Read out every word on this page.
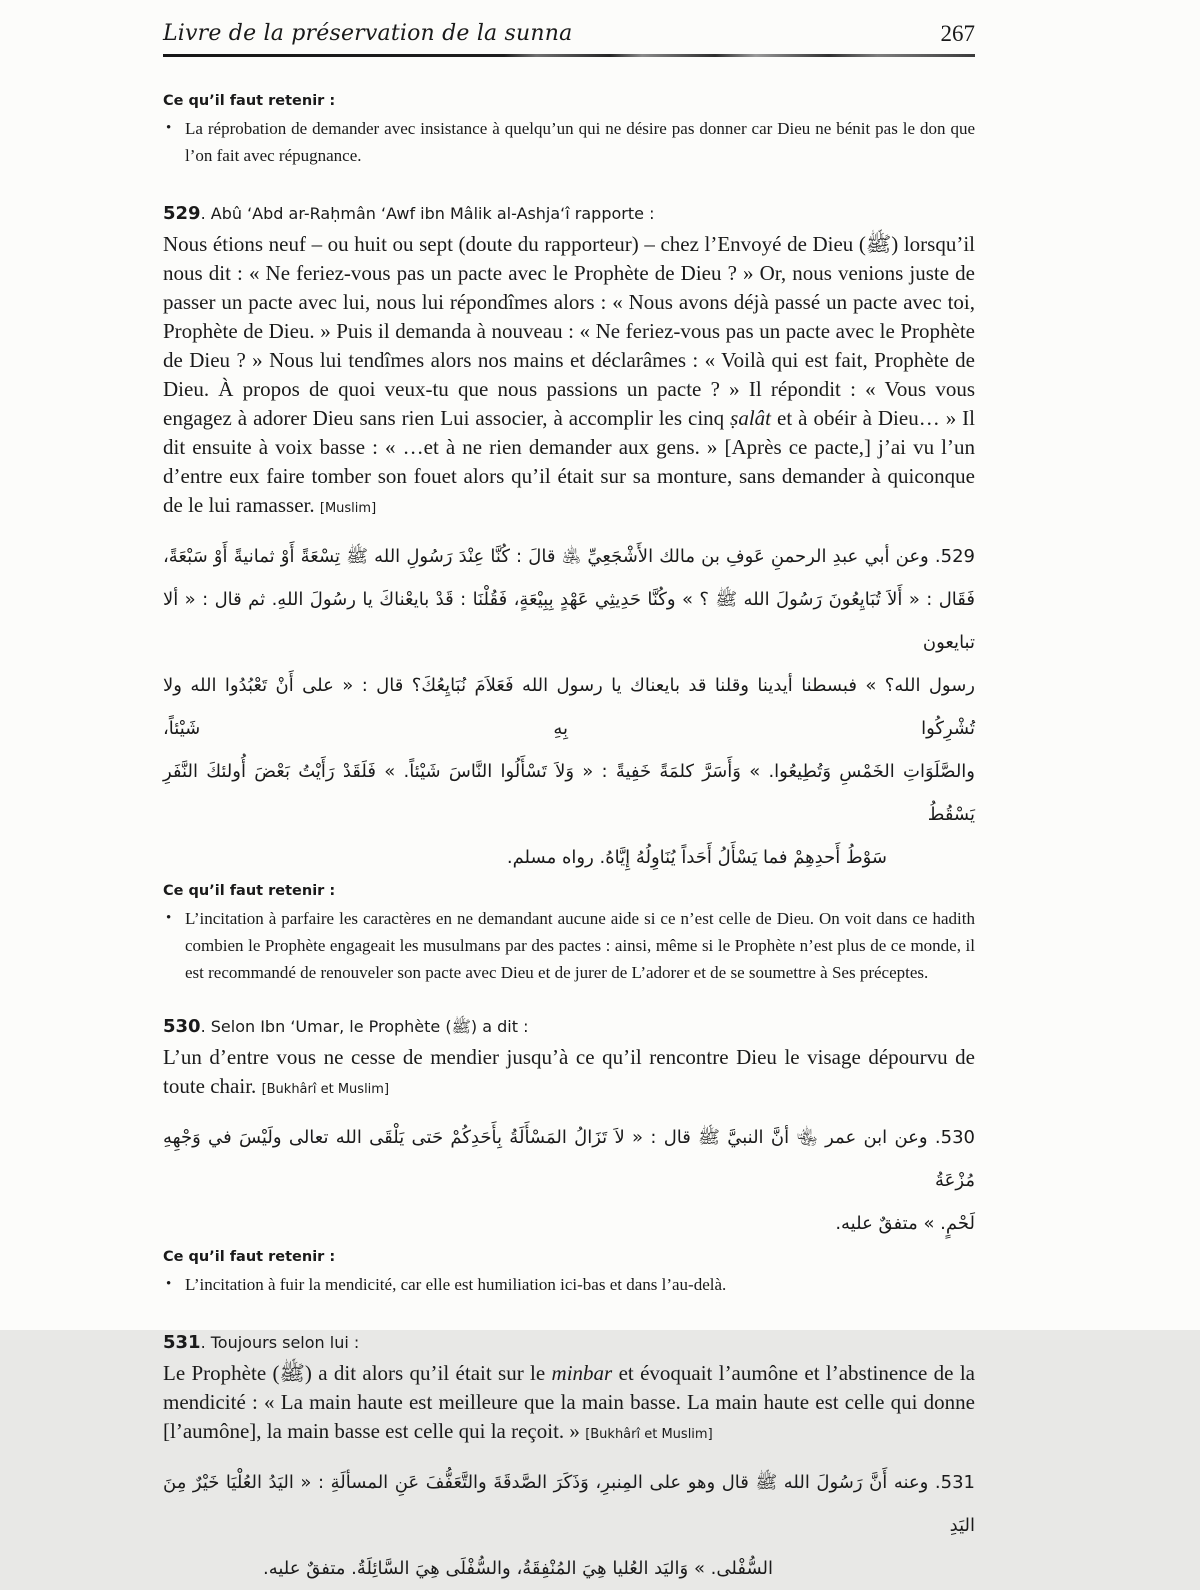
Livre de la préservation de la sunna	267
Ce qu’il faut retenir :
• La réprobation de demander avec insistance à quelqu’un qui ne désire pas donner car Dieu ne bénit pas le don que l’on fait avec répugnance.
529. Abû ‘Abd ar-Raḥmân ‘Awf ibn Mâlik al-Ashja‘î rapporte :
Nous étions neuf – ou huit ou sept (doute du rapporteur) – chez l’Envoyé de Dieu (ﷺ) lorsqu’il nous dit : « Ne feriez-vous pas un pacte avec le Prophète de Dieu ? » Or, nous venions juste de passer un pacte avec lui, nous lui répondîmes alors : « Nous avons déjà passé un pacte avec toi, Prophète de Dieu. » Puis il demanda à nouveau : « Ne feriez-vous pas un pacte avec le Prophète de Dieu ? » Nous lui tendîmes alors nos mains et déclarâmes : « Voilà qui est fait, Prophète de Dieu. À propos de quoi veux-tu que nous passions un pacte ? » Il répondit : « Vous vous engagez à adorer Dieu sans rien Lui associer, à accomplir les cinq ṣalât et à obéir à Dieu… » Il dit ensuite à voix basse : « …et à ne rien demander aux gens. » [Après ce pacte,] j’ai vu l’un d’entre eux faire tomber son fouet alors qu’il était sur sa monture, sans demander à quiconque de le lui ramasser. [Muslim]
529. وعن أبي عبدِ الرحمنِ عَوفِ بن مالك الأَشْجَعِيِّ ﵁ قالَ : كُنَّا عِنْدَ رَسُولِ الله ﷺ تِسْعَةً أَوْ ثمانيةً أَوْ سَبْعَةً،
فَقَال : « أَلاَ تُبَايِعُونَ رَسُولَ الله ﷺ ؟ » وكُنَّا حَدِيثِي عَهْدٍ بِبِيْعَةٍ، فَقُلْنَا : قَدْ بايعْناكَ يا رسُولَ اللهِ. ثم قال : « ألا تبايعون
رسول الله؟ » فبسطنا أيدينا وقلنا قد بايعناك يا رسول الله فَعَلاَمَ نُبَايِعُكَ؟ قال : « على أَنْ تَعْبُدُوا الله ولا تُشْرِكُوا بِهِ شَيْئاً،
والصَّلَوَاتِ الخَمْسِ وَتُطِيعُوا. » وَأَسَرَّ كلمَةً خَفِيةً : « وَلاَ تَسْأَلُوا النَّاسَ شَيْئاً. » فَلَقَدْ رَأَيْتُ بَعْضَ أُولئكَ النَّفَرِ يَسْقُطُ
سَوْطُ أَحدِهِمْ فما يَسْأَلُ أَحَداً يُنَاوِلُهُ إِيَّاهُ. رواه مسلم.
Ce qu’il faut retenir :
• L’incitation à parfaire les caractères en ne demandant aucune aide si ce n’est celle de Dieu. On voit dans ce hadith combien le Prophète engageait les musulmans par des pactes : ainsi, même si le Prophète n’est plus de ce monde, il est recommandé de renouveler son pacte avec Dieu et de jurer de L’adorer et de se soumettre à Ses préceptes.
530. Selon Ibn ‘Umar, le Prophète (ﷺ) a dit :
L’un d’entre vous ne cesse de mendier jusqu’à ce qu’il rencontre Dieu le visage dépourvu de toute chair. [Bukhârî et Muslim]
530. وعن ابن عمر ﵄ أنَّ النبيَّ ﷺ قال : « لاَ تَزَالُ المَسْأَلَةُ بِأَحَدِكُمْ حَتى يَلْقَى الله تعالى ولَيْسَ في وَجْهِهِ مُزْعَةُ
لَحْمٍ. » متفقٌ عليه.
Ce qu’il faut retenir :
• L’incitation à fuir la mendicité, car elle est humiliation ici-bas et dans l’au-delà.
531. Toujours selon lui :
Le Prophète (ﷺ) a dit alors qu’il était sur le minbar et évoquait l’aumône et l’abstinence de la mendicité : « La main haute est meilleure que la main basse. La main haute est celle qui donne [l’aumône], la main basse est celle qui la reçoit. » [Bukhârî et Muslim]
531. وعنه أَنَّ رَسُولَ الله ﷺ قال وهو على المِنبرِ، وَذَكَرَ الصَّدقَةَ والتَّعَفُّفَ عَنِ المسألَةِ : « اليَدُ العُلْيَا خَيْرٌ مِنَ اليَدِ
السُّفْلى. » وَاليَد العُليا هِيَ المُنْفِقَةُ، والسُّفْلَى هِيَ السَّائِلَةُ. متفقٌ عليه.
